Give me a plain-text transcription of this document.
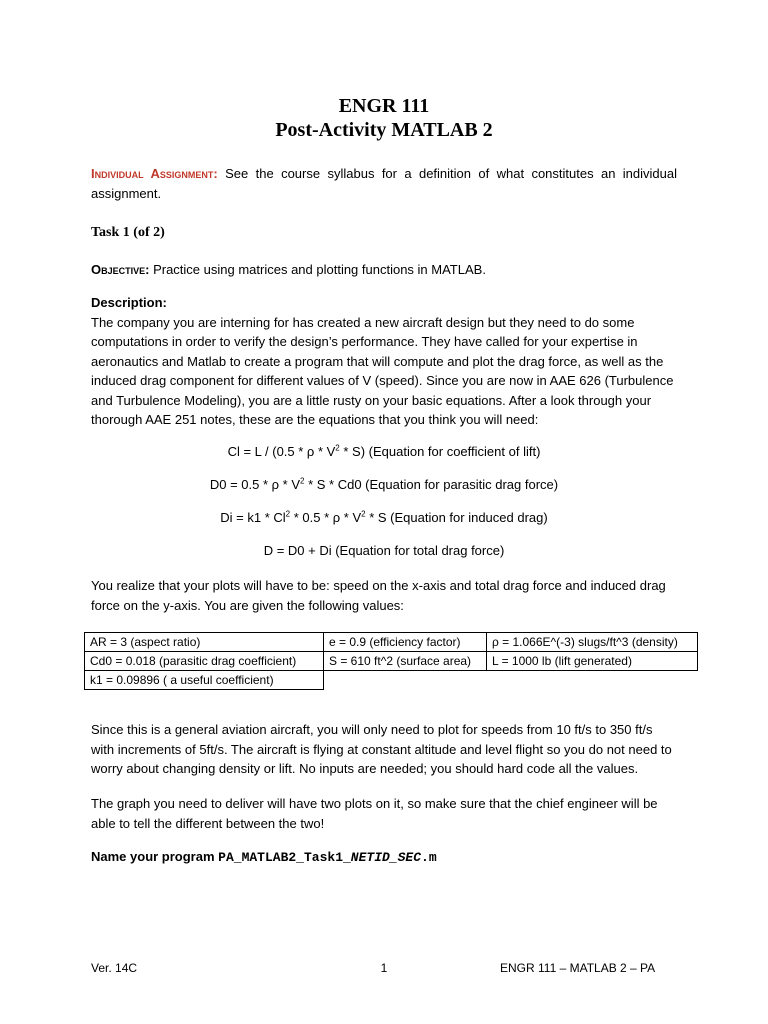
ENGR 111
Post-Activity MATLAB 2
Individual Assignment: See the course syllabus for a definition of what constitutes an individual assignment.
Task 1 (of 2)
Objective: Practice using matrices and plotting functions in MATLAB.
Description:
The company you are interning for has created a new aircraft design but they need to do some computations in order to verify the design’s performance. They have called for your expertise in aeronautics and Matlab to create a program that will compute and plot the drag force, as well as the induced drag component for different values of V (speed). Since you are now in AAE 626 (Turbulence and Turbulence Modeling), you are a little rusty on your basic equations. After a look through your thorough AAE 251 notes, these are the equations that you think you will need:
$Cl = L / (0.5 * \rho * V^2 * S)$ (Equation for coefficient of lift)
$D0 = 0.5 * \rho * V^2 * S * Cd0$ (Equation for parasitic drag force)
$Di = k1 * Cl^2 * 0.5 * \rho * V^2 * S$ (Equation for induced drag)
D = D0 + Di (Equation for total drag force)
You realize that your plots will have to be: speed on the x-axis and total drag force and induced drag force on the y-axis. You are given the following values:
AR = 3 (aspect ratio)	e = 0.9 (efficiency factor)	ρ = 1.066E^(-3) slugs/ft^3 (density)
Cd0 = 0.018 (parasitic drag coefficient)	S = 610 ft^2 (surface area)	L = 1000 lb (lift generated)
k1 = 0.09896 ( a useful coefficient)		
Since this is a general aviation aircraft, you will only need to plot for speeds from 10 ft/s to 350 ft/s with increments of 5ft/s. The aircraft is flying at constant altitude and level flight so you do not need to worry about changing density or lift. No inputs are needed; you should hard code all the values.
The graph you need to deliver will have two plots on it, so make sure that the chief engineer will be able to tell the different between the two!
Name your program PA_MATLAB2_Task1_NETID_SEC.m
Ver. 14C	1	ENGR 111 – MATLAB 2 – PA
